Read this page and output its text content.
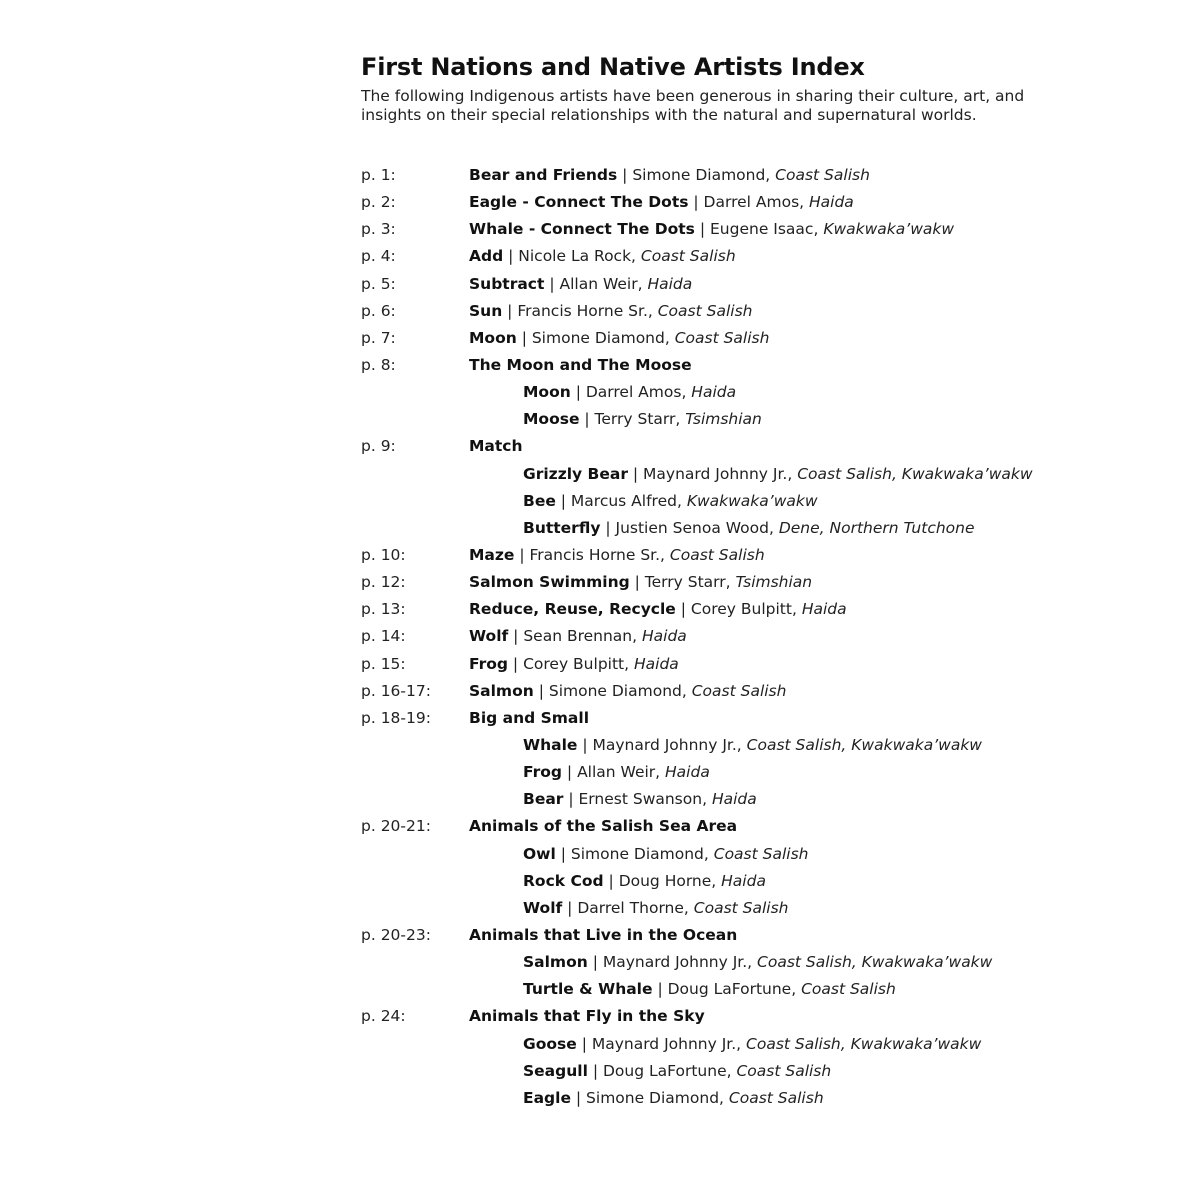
First Nations and Native Artists Index

The following Indigenous artists have been generous in sharing their culture, art, and insights on their special relationships with the natural and supernatural worlds.

p. 1:	Bear and Friends | Simone Diamond, Coast Salish
p. 2:	Eagle - Connect The Dots | Darrel Amos, Haida
p. 3:	Whale - Connect The Dots | Eugene Isaac, Kwakwaka’wakw
p. 4:	Add | Nicole La Rock, Coast Salish
p. 5:	Subtract | Allan Weir, Haida
p. 6:	Sun | Francis Horne Sr., Coast Salish
p. 7:	Moon | Simone Diamond, Coast Salish
p. 8:	The Moon and The Moose
Moon | Darrel Amos, Haida
Moose | Terry Starr, Tsimshian
p. 9:	Match
Grizzly Bear | Maynard Johnny Jr., Coast Salish, Kwakwaka’wakw
Bee | Marcus Alfred, Kwakwaka’wakw
Butterfly | Justien Senoa Wood, Dene, Northern Tutchone
p. 10:	Maze | Francis Horne Sr., Coast Salish
p. 12:	Salmon Swimming | Terry Starr, Tsimshian
p. 13:	Reduce, Reuse, Recycle | Corey Bulpitt, Haida
p. 14:	Wolf | Sean Brennan, Haida
p. 15:	Frog | Corey Bulpitt, Haida
p. 16-17: Salmon | Simone Diamond, Coast Salish
p. 18-19: Big and Small
Whale | Maynard Johnny Jr., Coast Salish, Kwakwaka’wakw
Frog | Allan Weir, Haida
Bear | Ernest Swanson, Haida
p. 20-21: Animals of the Salish Sea Area
Owl | Simone Diamond, Coast Salish
Rock Cod | Doug Horne, Haida
Wolf | Darrel Thorne, Coast Salish
p. 20-23: Animals that Live in the Ocean
Salmon | Maynard Johnny Jr., Coast Salish, Kwakwaka’wakw
Turtle & Whale | Doug LaFortune, Coast Salish
p. 24:	Animals that Fly in the Sky
Goose | Maynard Johnny Jr., Coast Salish, Kwakwaka’wakw
Seagull | Doug LaFortune, Coast Salish
Eagle | Simone Diamond, Coast Salish
